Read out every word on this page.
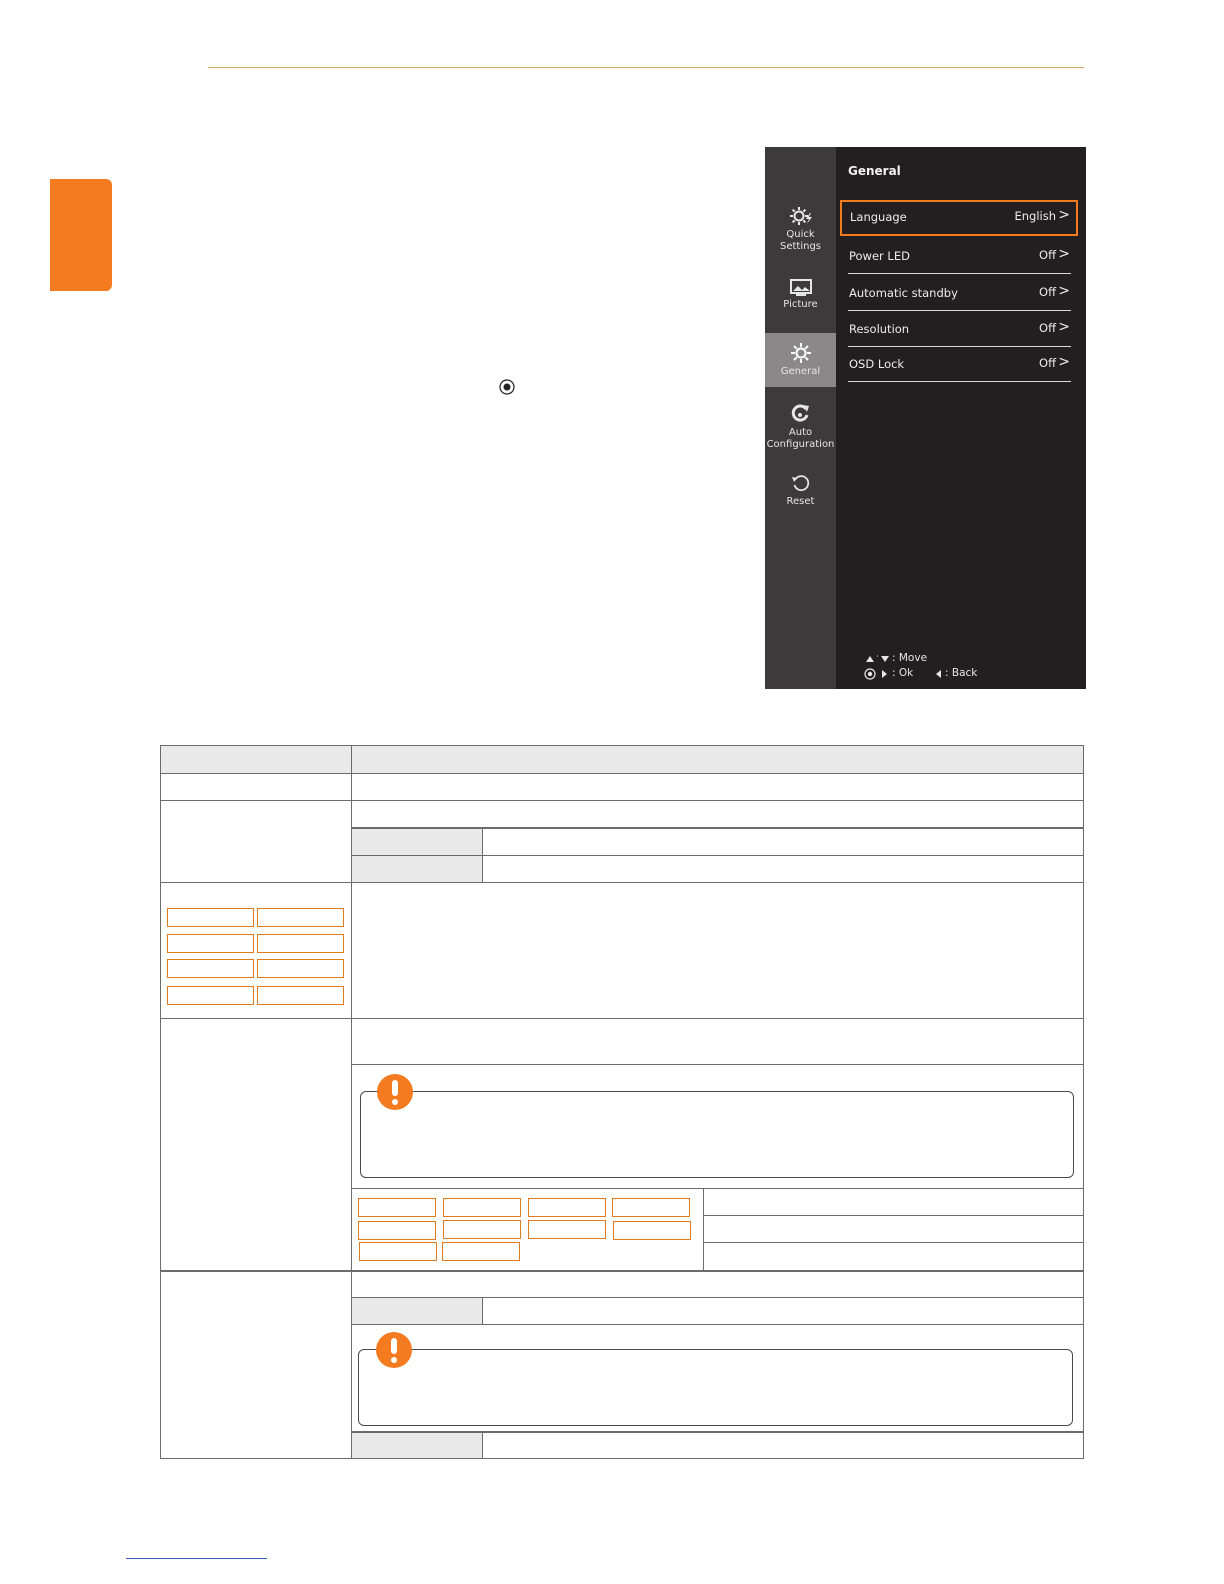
Quick
Settings
Picture
General
Auto
Configuration
Reset
General
Language	English >
Power LED	Off >
Automatic standby	Off >
Resolution	Off >
OSD Lock	Off >
: Move
: Ok	: Back
